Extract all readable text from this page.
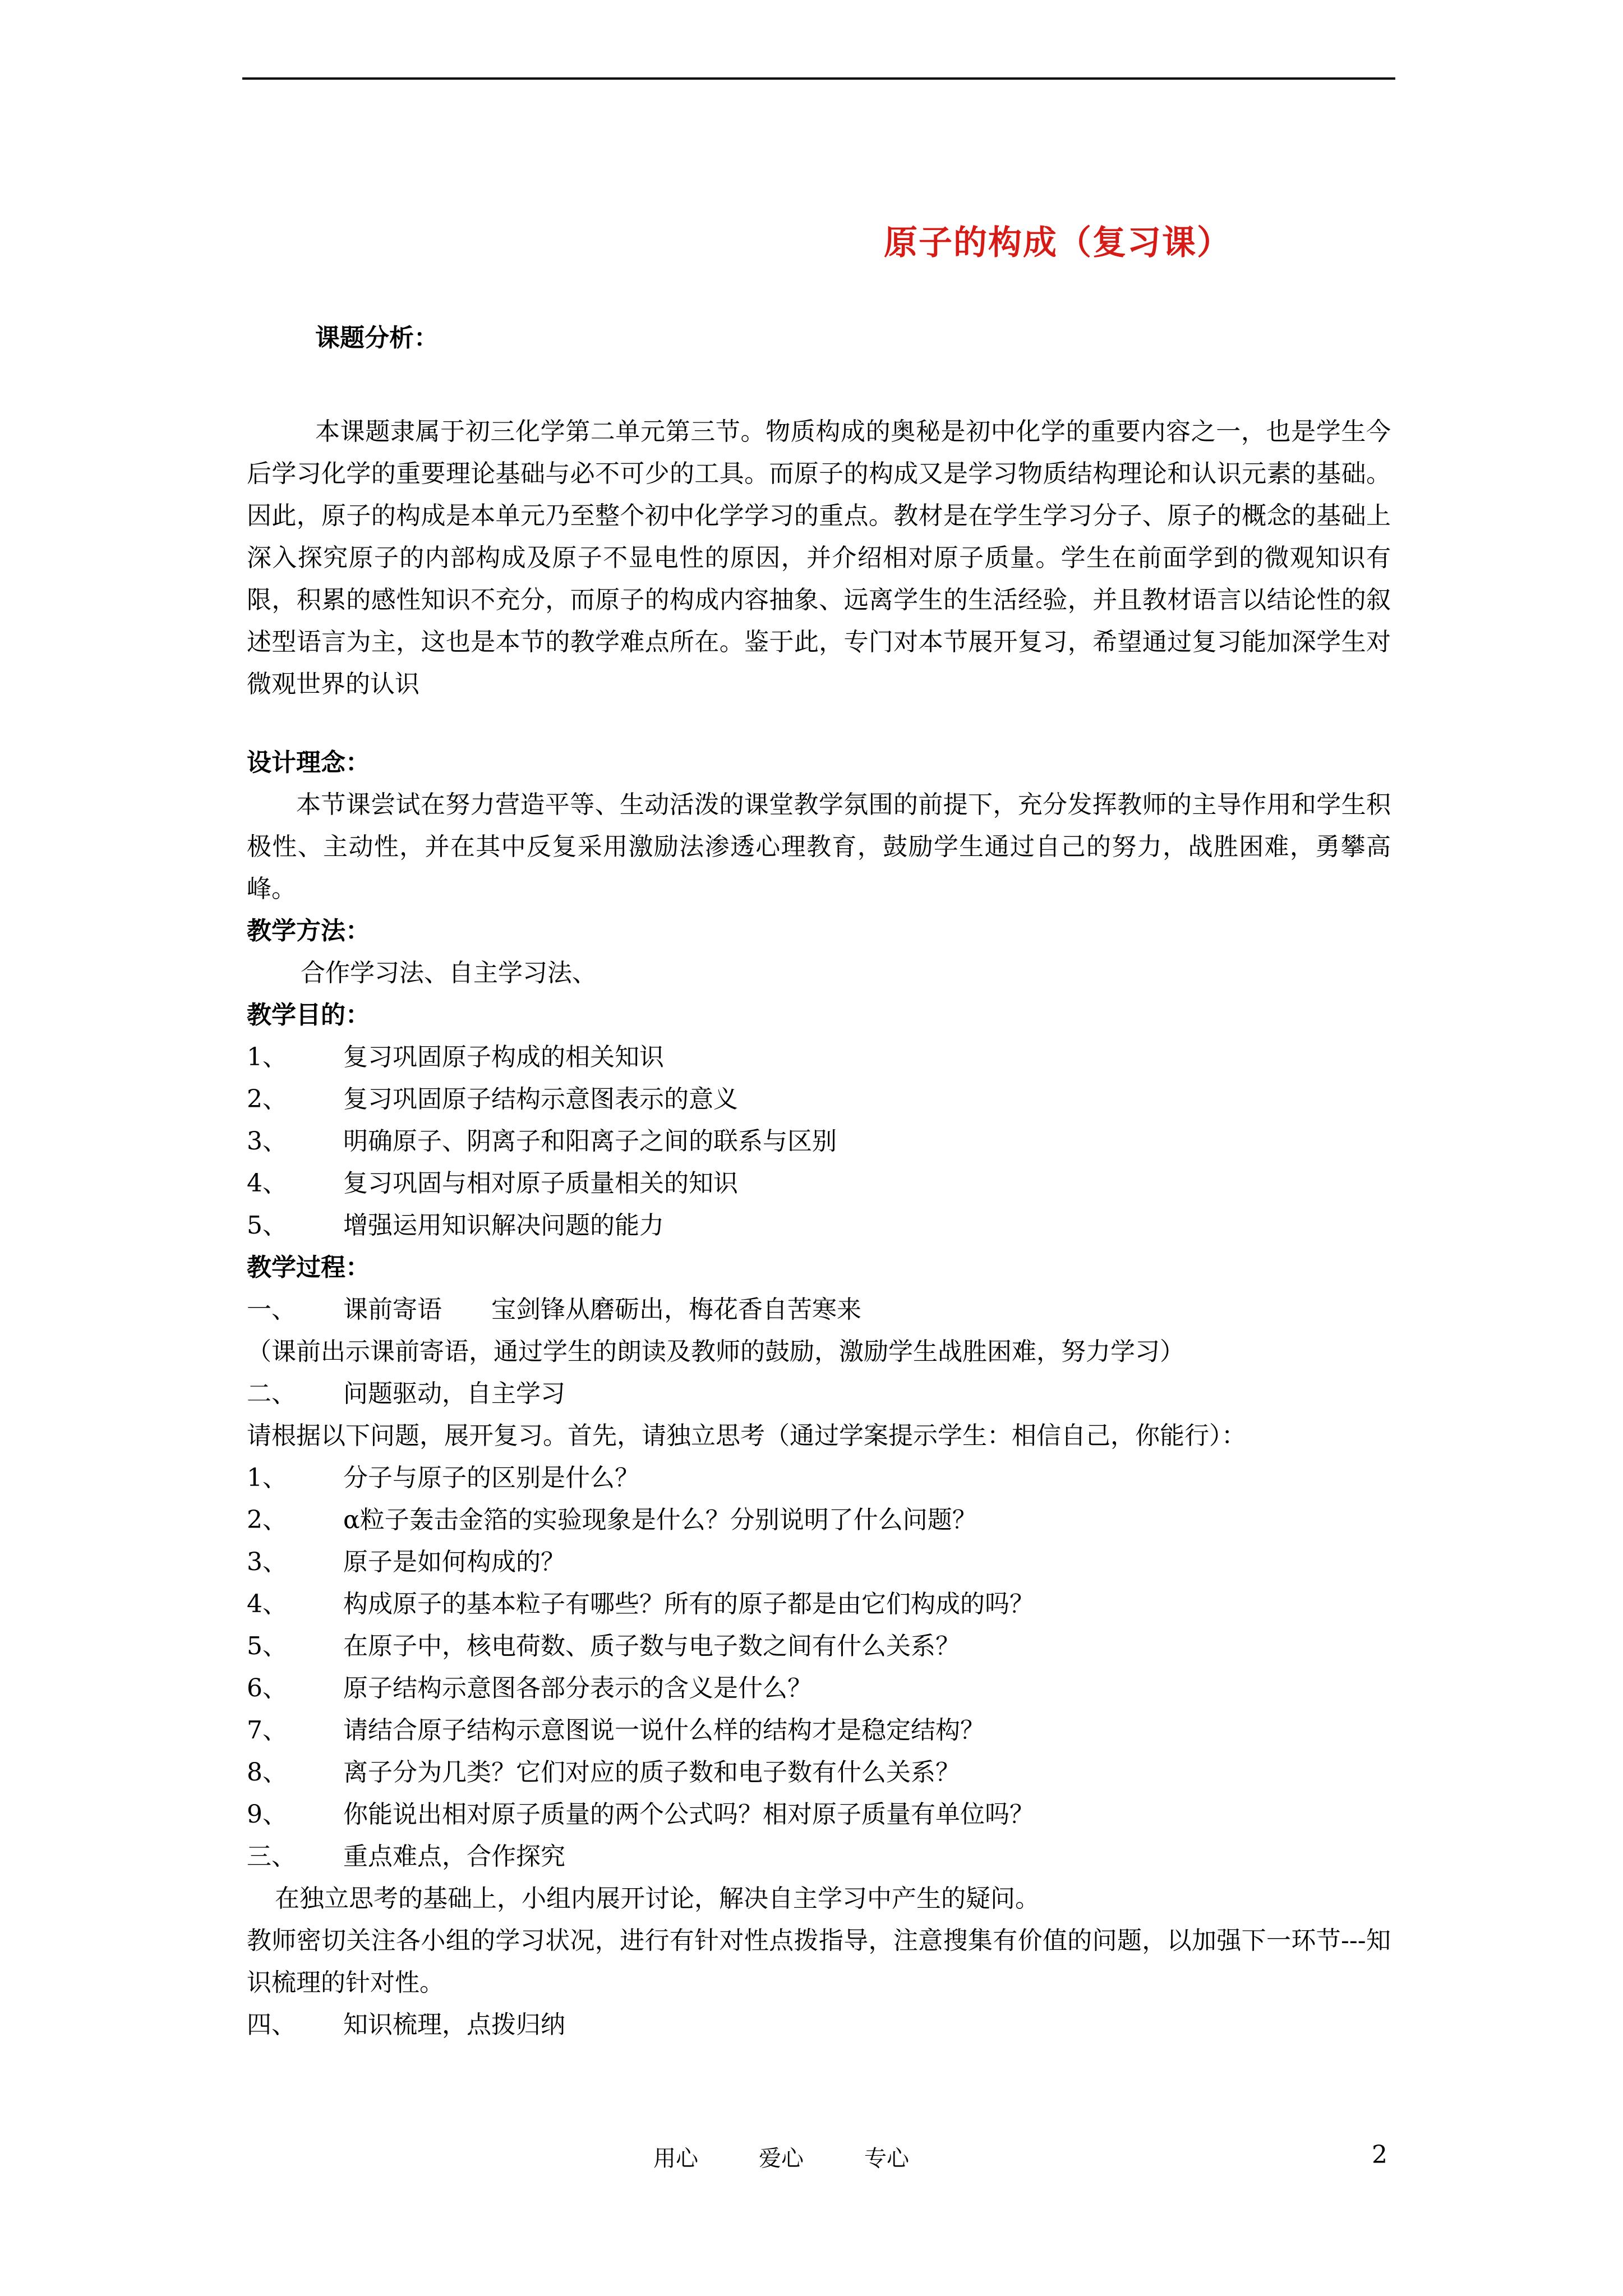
原子的构成（复习课）
课题分析：

本课题隶属于初三化学第二单元第三节。物质构成的奥秘是初中化学的重要内容之一，也是学生今后学习化学的重要理论基础与必不可少的工具。而原子的构成又是学习物质结构理论和认识元素的基础。因此，原子的构成是本单元乃至整个初中化学学习的重点。教材是在学生学习分子、原子的概念的基础上深入探究原子的内部构成及原子不显电性的原因，并介绍相对原子质量。学生在前面学到的微观知识有限，积累的感性知识不充分，而原子的构成内容抽象、远离学生的生活经验，并且教材语言以结论性的叙述型语言为主，这也是本节的教学难点所在。鉴于此，专门对本节展开复习，希望通过复习能加深学生对微观世界的认识

设计理念：

本节课尝试在努力营造平等、生动活泼的课堂教学氛围的前提下，充分发挥教师的主导作用和学生积极性、主动性，并在其中反复采用激励法渗透心理教育，鼓励学生通过自己的努力，战胜困难，勇攀高峰。

教学方法：
合作学习法、自主学习法、
教学目的：
1、	复习巩固原子构成的相关知识
2、	复习巩固原子结构示意图表示的意义
3、	明确原子、阴离子和阳离子之间的联系与区别
4、	复习巩固与相对原子质量相关的知识
5、	增强运用知识解决问题的能力
教学过程：
一、	课前寄语　　宝剑锋从磨砺出，梅花香自苦寒来
（课前出示课前寄语，通过学生的朗读及教师的鼓励，激励学生战胜困难，努力学习）
二、	问题驱动，自主学习

请根据以下问题，展开复习。首先，请独立思考（通过学案提示学生：相信自己，你能行）：

1、	分子与原子的区别是什么？
2、	α粒子轰击金箔的实验现象是什么？分别说明了什么问题？
3、	原子是如何构成的？
4、	构成原子的基本粒子有哪些？所有的原子都是由它们构成的吗？
5、	在原子中，核电荷数、质子数与电子数之间有什么关系？
6、	原子结构示意图各部分表示的含义是什么？
7、	请结合原子结构示意图说一说什么样的结构才是稳定结构？
8、	离子分为几类？它们对应的质子数和电子数有什么关系？
9、	你能说出相对原子质量的两个公式吗？相对原子质量有单位吗？
三、	重点难点，合作探究
在独立思考的基础上，小组内展开讨论，解决自主学习中产生的疑问。

教师密切关注各小组的学习状况，进行有针对性点拨指导，注意搜集有价值的问题，以加强下一环节---知识梳理的针对性。

四、	知识梳理，点拨归纳
用心	爱心	专心	2
